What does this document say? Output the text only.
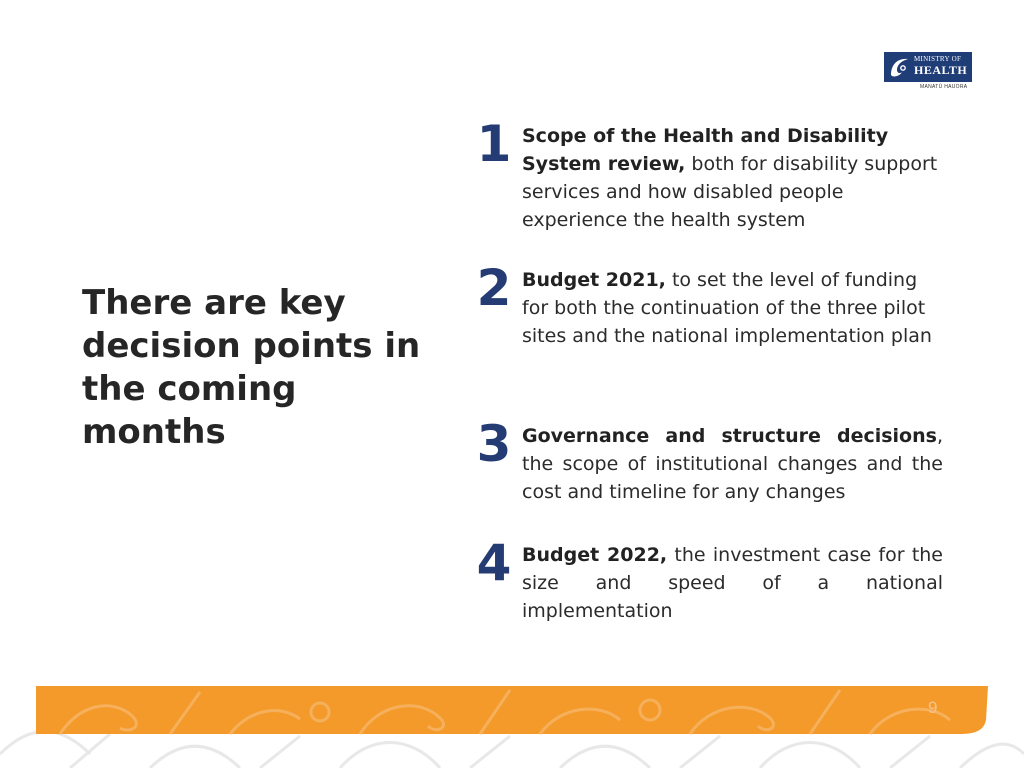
MINISTRY OF
HEALTH
MANATŪ HAUORA
There are key decision points in the coming months
1 Scope of the Health and Disability System review, both for disability support services and how disabled people experience the health system
2 Budget 2021, to set the level of funding for both the continuation of the three pilot sites and the national implementation plan
3 Governance and structure decisions, the scope of institutional changes and the cost and timeline for any changes
4 Budget 2022, the investment case for the size and speed of a national implementation
9
